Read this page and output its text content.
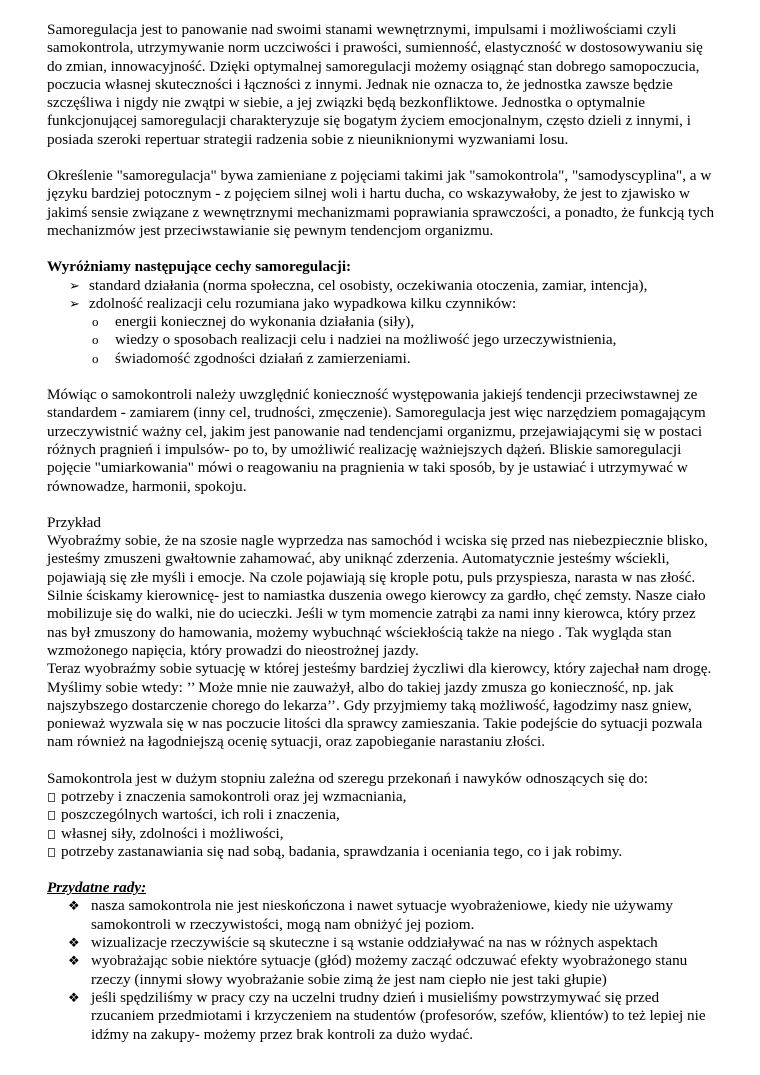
Samoregulacja jest to panowanie nad swoimi stanami wewnętrznymi, impulsami i możliwościami czyli samokontrola, utrzymywanie norm uczciwości i prawości, sumienność, elastyczność w dostosowywaniu się do zmian, innowacyjność. Dzięki optymalnej samoregulacji możemy osiągnąć stan dobrego samopoczucia, poczucia własnej skuteczności i łączności z innymi. Jednak nie oznacza to, że jednostka zawsze będzie szczęśliwa i nigdy nie zwątpi w siebie, a jej związki będą bezkonfliktowe. Jednostka o optymalnie funkcjonującej samoregulacji charakteryzuje się bogatym życiem emocjonalnym, często dzieli z innymi, i posiada szeroki repertuar strategii radzenia sobie z nieuniknionymi wyzwaniami losu.

Określenie "samoregulacja" bywa zamieniane z pojęciami takimi jak "samokontrola", "samodyscyplina", a w języku bardziej potocznym - z pojęciem silnej woli i hartu ducha, co wskazywałoby, że jest to zjawisko w jakimś sensie związane z wewnętrznymi mechanizmami poprawiania sprawczości, a ponadto, że funkcją tych mechanizmów jest przeciwstawianie się pewnym tendencjom organizmu.

Wyróżniamy następujące cechy samoregulacji:

➢ standard działania (norma społeczna, cel osobisty, oczekiwania otoczenia, zamiar, intencja),
➢ zdolność realizacji celu rozumiana jako wypadkowa kilku czynników:
o energii koniecznej do wykonania działania (siły),
o wiedzy o sposobach realizacji celu i nadziei na możliwość jego urzeczywistnienia,
o świadomość zgodności działań z zamierzeniami.

Mówiąc o samokontroli należy uwzględnić konieczność występowania jakiejś tendencji przeciwstawnej ze standardem - zamiarem (inny cel, trudności, zmęczenie). Samoregulacja jest więc narzędziem pomagającym urzeczywistnić ważny cel, jakim jest panowanie nad tendencjami organizmu, przejawiającymi się w postaci różnych pragnień i impulsów- po to, by umożliwić realizację ważniejszych dążeń. Bliskie samoregulacji pojęcie "umiarkowania" mówi o reagowaniu na pragnienia w taki sposób, by je ustawiać i utrzymywać w równowadze, harmonii, spokoju.

Przykład

Wyobraźmy sobie, że na szosie nagle wyprzedza nas samochód i wciska się przed nas niebezpiecznie blisko, jesteśmy zmuszeni gwałtownie zahamować, aby uniknąć zderzenia. Automatycznie jesteśmy wściekli, pojawiają się złe myśli i emocje. Na czole pojawiają się krople potu, puls przyspiesza, narasta w nas złość. Silnie ściskamy kierownicę- jest to namiastka duszenia owego kierowcy za gardło, chęć zemsty. Nasze ciało mobilizuje się do walki, nie do ucieczki. Jeśli w tym momencie zatrąbi za nami inny kierowca, który przez nas był zmuszony do hamowania, możemy wybuchnąć wściekłością także na niego . Tak wygląda stan wzmożonego napięcia, który prowadzi do nieostrożnej jazdy.

Teraz wyobraźmy sobie sytuację w której jesteśmy bardziej życzliwi dla kierowcy, który zajechał nam drogę. Myślimy sobie wtedy: ’’ Może mnie nie zauważył, albo do takiej jazdy zmusza go konieczność, np. jak najszybszego dostarczenie chorego do lekarza’’. Gdy przyjmiemy taką możliwość, łagodzimy nasz gniew, ponieważ wyzwala się w nas poczucie litości dla sprawcy zamieszania. Takie podejście do sytuacji pozwala nam również na łagodniejszą ocenię sytuacji, oraz zapobieganie narastaniu złości.

Samokontrola jest w dużym stopniu zależna od szeregu przekonań i nawyków odnoszących się do:

potrzeby i znaczenia samokontroli oraz jej wzmacniania,
poszczególnych wartości, ich roli i znaczenia,
własnej siły, zdolności i możliwości,
potrzeby zastanawiania się nad sobą, badania, sprawdzania i oceniania tego, co i jak robimy.

Przydatne rady:

❖ nasza samokontrola nie jest nieskończona i nawet sytuacje wyobrażeniowe, kiedy nie używamy samokontroli w rzeczywistości, mogą nam obniżyć jej poziom.
❖ wizualizacje rzeczywiście są skuteczne i są wstanie oddziaływać na nas w różnych aspektach
❖ wyobrażając sobie niektóre sytuacje (głód) możemy zacząć odczuwać efekty wyobrażonego stanu rzeczy (innymi słowy wyobrażanie sobie zimą że jest nam ciepło nie jest taki głupie)
❖ jeśli spędziliśmy w pracy czy na uczelni trudny dzień i musieliśmy powstrzymywać się przed rzucaniem przedmiotami i krzyczeniem na studentów (profesorów, szefów, klientów) to też lepiej nie idźmy na zakupy- możemy przez brak kontroli za dużo wydać.
